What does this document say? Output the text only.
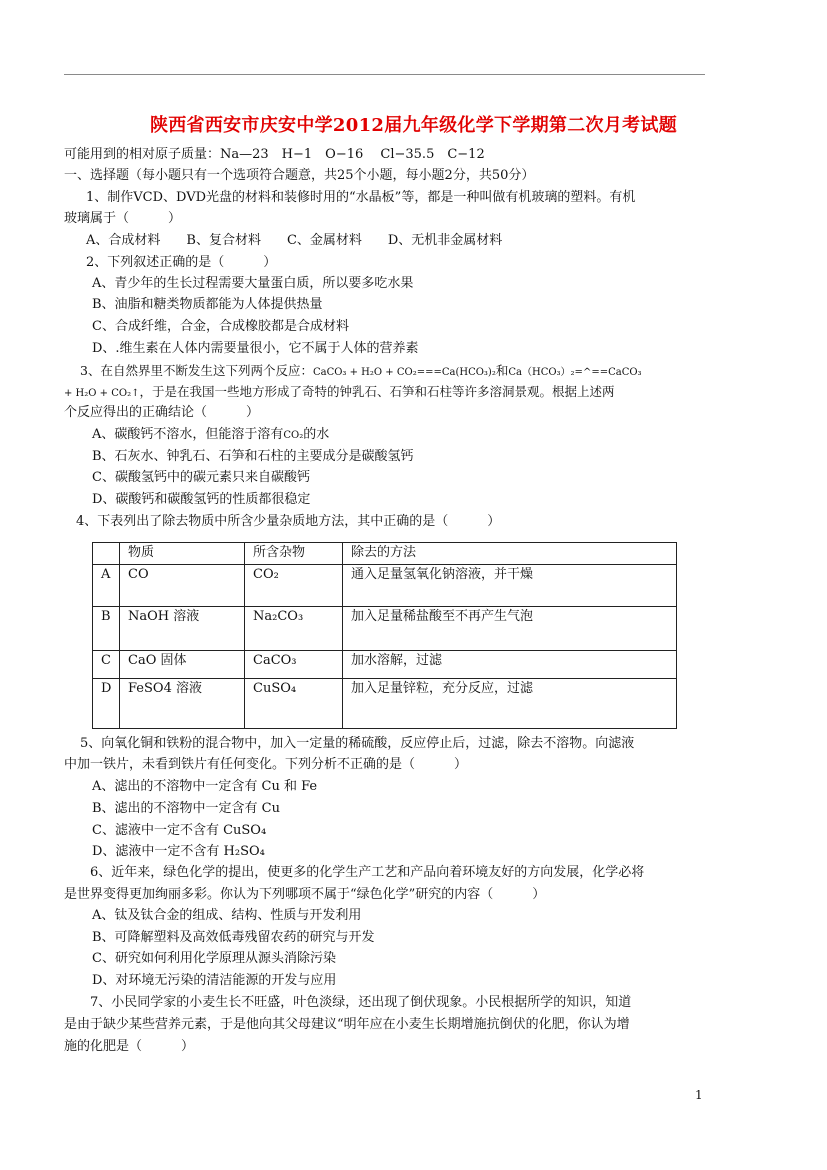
陕西省西安市庆安中学2012届九年级化学下学期第二次月考试题
可能用到的相对原子质量：Na—23　H−1　O−16　 Cl−35.5　C−12
一、选择题（每小题只有一个选项符合题意，共25个小题，每小题2分，共50分）
1、制作VCD、DVD光盘的材料和装修时用的“水晶板”等，都是一种叫做有机玻璃的塑料。有机
玻璃属于（　　　）
A、合成材料　　B、复合材料　　C、金属材料　　D、无机非金属材料
2、下列叙述正确的是（　　　）
A、青少年的生长过程需要大量蛋白质，所以要多吃水果
B、油脂和糖类物质都能为人体提供热量
C、合成纤维，合金，合成橡胶都是合成材料
D、.维生素在人体内需要量很小，它不属于人体的营养素
3、在自然界里不断发生这下列两个反应：CaCO₃ + H₂O + CO₂===Ca(HCO₃)₂和Ca（HCO₃）₂=^==CaCO₃
+ H₂O + CO₂↑，于是在我国一些地方形成了奇特的钟乳石、石笋和石柱等许多溶洞景观。根据上述两
个反应得出的正确结论（　　　）
A、碳酸钙不溶水，但能溶于溶有CO₂的水
B、石灰水、钟乳石、石笋和石柱的主要成分是碳酸氢钙
C、碳酸氢钙中的碳元素只来自碳酸钙
D、碳酸钙和碳酸氢钙的性质都很稳定
4、下表列出了除去物质中所含少量杂质地方法，其中正确的是（　　　）
	物质	所含杂物	除去的方法
A	CO	CO₂	通入足量氢氧化钠溶液，并干燥
B	NaOH 溶液	Na₂CO₃	加入足量稀盐酸至不再产生气泡
C	CaO 固体	CaCO₃	加水溶解，过滤
D	FeSO4 溶液	CuSO₄	加入足量锌粒，充分反应，过滤
5、向氧化铜和铁粉的混合物中，加入一定量的稀硫酸，反应停止后，过滤，除去不溶物。向滤液
中加一铁片，未看到铁片有任何变化。下列分析不正确的是（　　　）
A、滤出的不溶物中一定含有 Cu 和 Fe
B、滤出的不溶物中一定含有 Cu
C、滤液中一定不含有 CuSO₄
D、滤液中一定不含有 H₂SO₄
6、近年来，绿色化学的提出，使更多的化学生产工艺和产品向着环境友好的方向发展，化学必将
是世界变得更加绚丽多彩。你认为下列哪项不属于“绿色化学”研究的内容（　　　）
A、钛及钛合金的组成、结构、性质与开发利用
B、可降解塑料及高效低毒残留农药的研究与开发
C、研究如何利用化学原理从源头消除污染
D、对环境无污染的清洁能源的开发与应用
7、小民同学家的小麦生长不旺盛，叶色淡绿，还出现了倒伏现象。小民根据所学的知识，知道
是由于缺少某些营养元素，于是他向其父母建议“明年应在小麦生长期增施抗倒伏的化肥，你认为增
施的化肥是（　　　）
1
